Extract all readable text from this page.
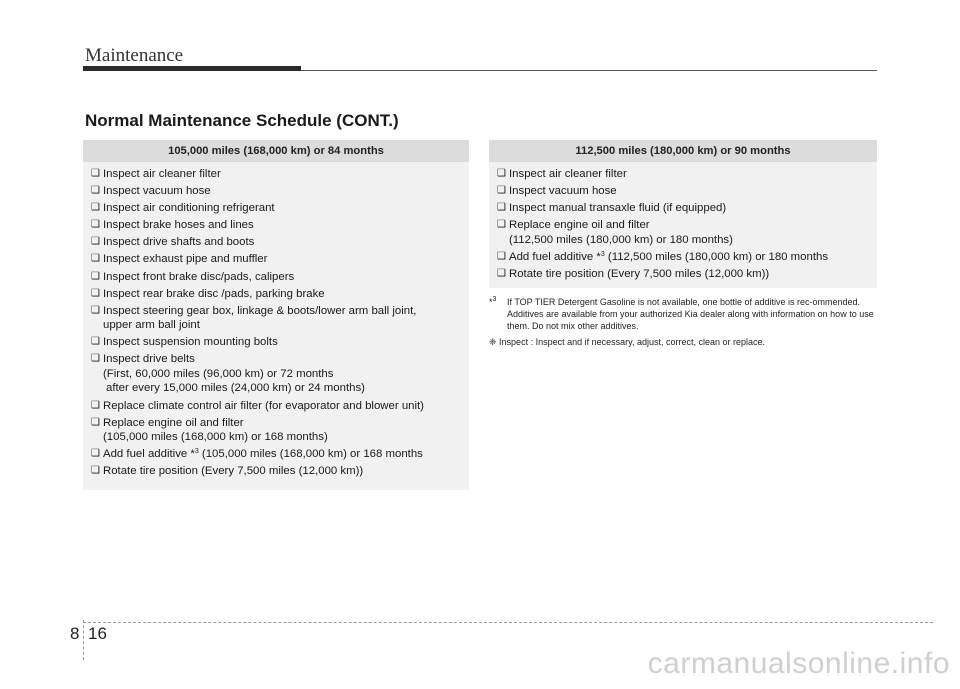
Maintenance
Normal Maintenance Schedule (CONT.)
105,000 miles (168,000 km) or 84 months
❑ Inspect air cleaner filter
❑ Inspect vacuum hose
❑ Inspect air conditioning refrigerant
❑ Inspect brake hoses and lines
❑ Inspect drive shafts and boots
❑ Inspect exhaust pipe and muffler
❑ Inspect front brake disc/pads, calipers
❑ Inspect rear brake disc /pads, parking brake
❑ Inspect steering gear box, linkage & boots/lower arm ball joint,
upper arm ball joint
❑ Inspect suspension mounting bolts
❑ Inspect drive belts
(First, 60,000 miles (96,000 km) or 72 months
after every 15,000 miles (24,000 km) or 24 months)
❑ Replace climate control air filter (for evaporator and blower unit)
❑ Replace engine oil and filter
(105,000 miles (168,000 km) or 168 months)
❑ Add fuel additive *$^3$ (105,000 miles (168,000 km) or 168 months
❑ Rotate tire position (Every 7,500 miles (12,000 km))
112,500 miles (180,000 km) or 90 months
❑ Inspect air cleaner filter
❑ Inspect vacuum hose
❑ Inspect manual transaxle fluid (if equipped)
❑ Replace engine oil and filter
(112,500 miles (180,000 km) or 180 months)
❑ Add fuel additive *$^3$ (112,500 miles (180,000 km) or 180 months
❑ Rotate tire position (Every 7,500 miles (12,000 km))
*$^3$ If TOP TIER Detergent Gasoline is not available, one bottle of additive is rec-ommended. Additives are available from your authorized Kia dealer along with information on how to use them. Do not mix other additives.
❈ Inspect : Inspect and if necessary, adjust, correct, clean or replace.
8 16
carmanualsonline.info
